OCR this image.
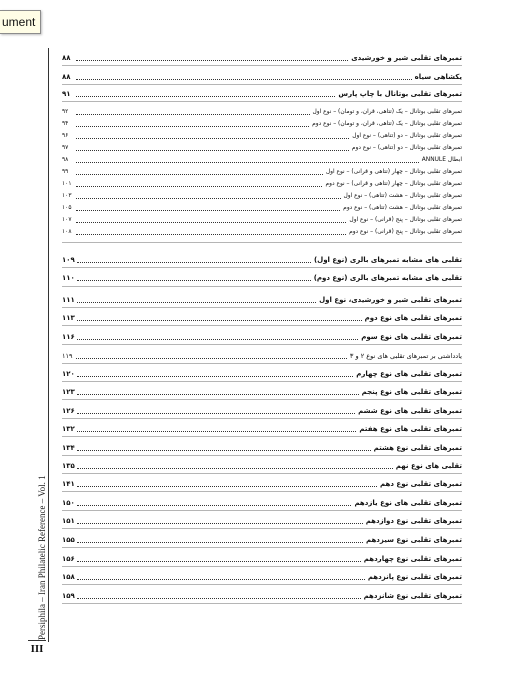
ument
Persiphila – Iran Philatelic Reference – Vol. 1
III
تمبرهای تقلبی شیر و خورشیدی
۸۸
یکشاهی سیاه
۸۸
تمبرهای تقلبی بوتانال با چاپ پارس
۹۱
تمبرهای تقلبی بوتانال – یک (تتاهی، قران، و تومان) – نوع اول
۹۲
تمبرهای تقلبی بوتانال – یک (تتاهی، قران، و تومان) – نوع دوم
۹۴
تمبرهای تقلبی بوتانال – دو (تتاهی) – نوع اول
۹۶
تمبرهای تقلبی بوتانال – دو (تتاهی) – نوع دوم
۹۷
ابطال ANNULE
۹۸
تمبرهای تقلبی بوتانال – چهار (تتاهی و قرانی) – نوع اول
۹۹
تمبرهای تقلبی بوتانال – چهار (تتاهی و قرانی) – نوع دوم
۱۰۱
تمبرهای تقلبی بوتانال – هشت (تتاهی) – نوع اول
۱۰۳
تمبرهای تقلبی بوتانال – هشت (تتاهی) – نوع دوم
۱۰۵
تمبرهای تقلبی بوتانال – پنج (قرانی) – نوع اول
۱۰۷
تمبرهای تقلبی بوتانال – پنج (قرانی) – نوع دوم
۱۰۸
تقلبی های مشابه تمبرهای بالری (نوع اول)
۱۰۹
تقلبی های مشابه تمبرهای بالری (نوع دوم)
۱۱۰
تمبرهای تقلبی شیر و خورشیدی، نوع اول
۱۱۱
تمبرهای تقلبی های نوع دوم
۱۱۳
تمبرهای تقلبی های نوع سوم
۱۱۶
یادداشتی بر تمبرهای تقلبی های نوع ۲ و ۳
۱۱۹
تمبرهای تقلبی های نوع چهارم
۱۲۰
تمبرهای تقلبی های نوع پنجم
۱۲۳
تمبرهای تقلبی های نوع ششم
۱۲۶
تمبرهای تقلبی های نوع هفتم
۱۳۲
تمبرهای تقلبی نوع هشتم
۱۳۴
تقلبی های نوع نهم
۱۳۵
تمبرهای تقلبی نوع دهم
۱۴۱
تمبرهای تقلبی های نوع یازدهم
۱۵۰
تمبرهای تقلبی نوع دوازدهم
۱۵۱
تمبرهای تقلبی نوع سیزدهم
۱۵۵
تمبرهای تقلبی نوع چهاردهم
۱۵۶
تمبرهای تقلبی نوع پانزدهم
۱۵۸
تمبرهای تقلبی نوع شانزدهم
۱۵۹
